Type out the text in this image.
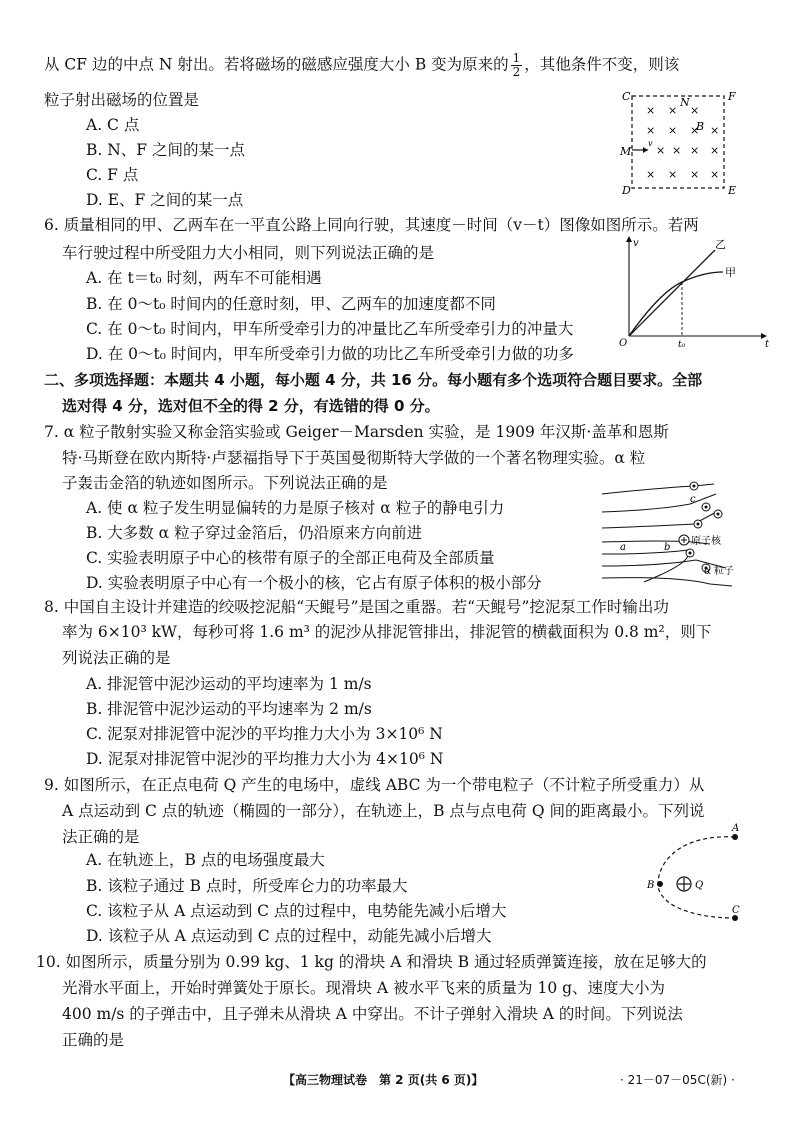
从 CF 边的中点 N 射出。若将磁场的磁感应强度大小 B 变为原来的 $\frac{1}{2}$ ，其他条件不变，则该
粒子射出磁场的位置是
A. C 点
B. N、F 之间的某一点
C. F 点
D. E、F 之间的某一点
6. 质量相同的甲、乙两车在一平直公路上同向行驶，其速度－时间（v－t）图像如图所示。若两
车行驶过程中所受阻力大小相同，则下列说法正确的是
A. 在 t＝t₀ 时刻，两车不可能相遇
B. 在 0～t₀ 时间内的任意时刻，甲、乙两车的加速度都不同
C. 在 0～t₀ 时间内，甲车所受牵引力的冲量比乙车所受牵引力的冲量大
D. 在 0～t₀ 时间内，甲车所受牵引力做的功比乙车所受牵引力做的功多
二、多项选择题：本题共 4 小题，每小题 4 分，共 16 分。每小题有多个选项符合题目要求。全部
选对得 4 分，选对但不全的得 2 分，有选错的得 0 分。
7. α 粒子散射实验又称金箔实验或 Geiger－Marsden 实验，是 1909 年汉斯·盖革和恩斯
特·马斯登在欧内斯特·卢瑟福指导下于英国曼彻斯特大学做的一个著名物理实验。α 粒
子轰击金箔的轨迹如图所示。下列说法正确的是
A. 使 α 粒子发生明显偏转的力是原子核对 α 粒子的静电引力
B. 大多数 α 粒子穿过金箔后，仍沿原来方向前进
C. 实验表明原子中心的核带有原子的全部正电荷及全部质量
D. 实验表明原子中心有一个极小的核，它占有原子体积的极小部分
8. 中国自主设计并建造的绞吸挖泥船“天鲲号”是国之重器。若“天鲲号”挖泥泵工作时输出功
率为 6×10³ kW，每秒可将 1.6 m³ 的泥沙从排泥管排出，排泥管的横截面积为 0.8 m²，则下
列说法正确的是
A. 排泥管中泥沙运动的平均速率为 1 m/s
B. 排泥管中泥沙运动的平均速率为 2 m/s
C. 泥泵对排泥管中泥沙的平均推力大小为 3×10⁶ N
D. 泥泵对排泥管中泥沙的平均推力大小为 4×10⁶ N
9. 如图所示，在正点电荷 Q 产生的电场中，虚线 ABC 为一个带电粒子（不计粒子所受重力）从
A 点运动到 C 点的轨迹（椭圆的一部分），在轨迹上，B 点与点电荷 Q 间的距离最小。下列说
法正确的是
A. 在轨迹上，B 点的电场强度最大
B. 该粒子通过 B 点时，所受库仑力的功率最大
C. 该粒子从 A 点运动到 C 点的过程中，电势能先减小后增大
D. 该粒子从 A 点运动到 C 点的过程中，动能先减小后增大
10. 如图所示，质量分别为 0.99 kg、1 kg 的滑块 A 和滑块 B 通过轻质弹簧连接，放在足够大的
光滑水平面上，开始时弹簧处于原长。现滑块 A 被水平飞来的质量为 10 g、速度大小为
400 m/s 的子弹击中，且子弹未从滑块 A 中穿出。不计子弹射入滑块 A 的时间。下列说法
正确的是
C	N	F
M
D	E
B
v
× × ×
× × × ×
× × × ×
× × × ×
v
O	t₀	t
乙
甲
a	b
c
原子核
α 粒子
A
B	Q
C
【高三物理试卷　第 2 页(共 6 页)】	· 21－07－05C(新) ·
